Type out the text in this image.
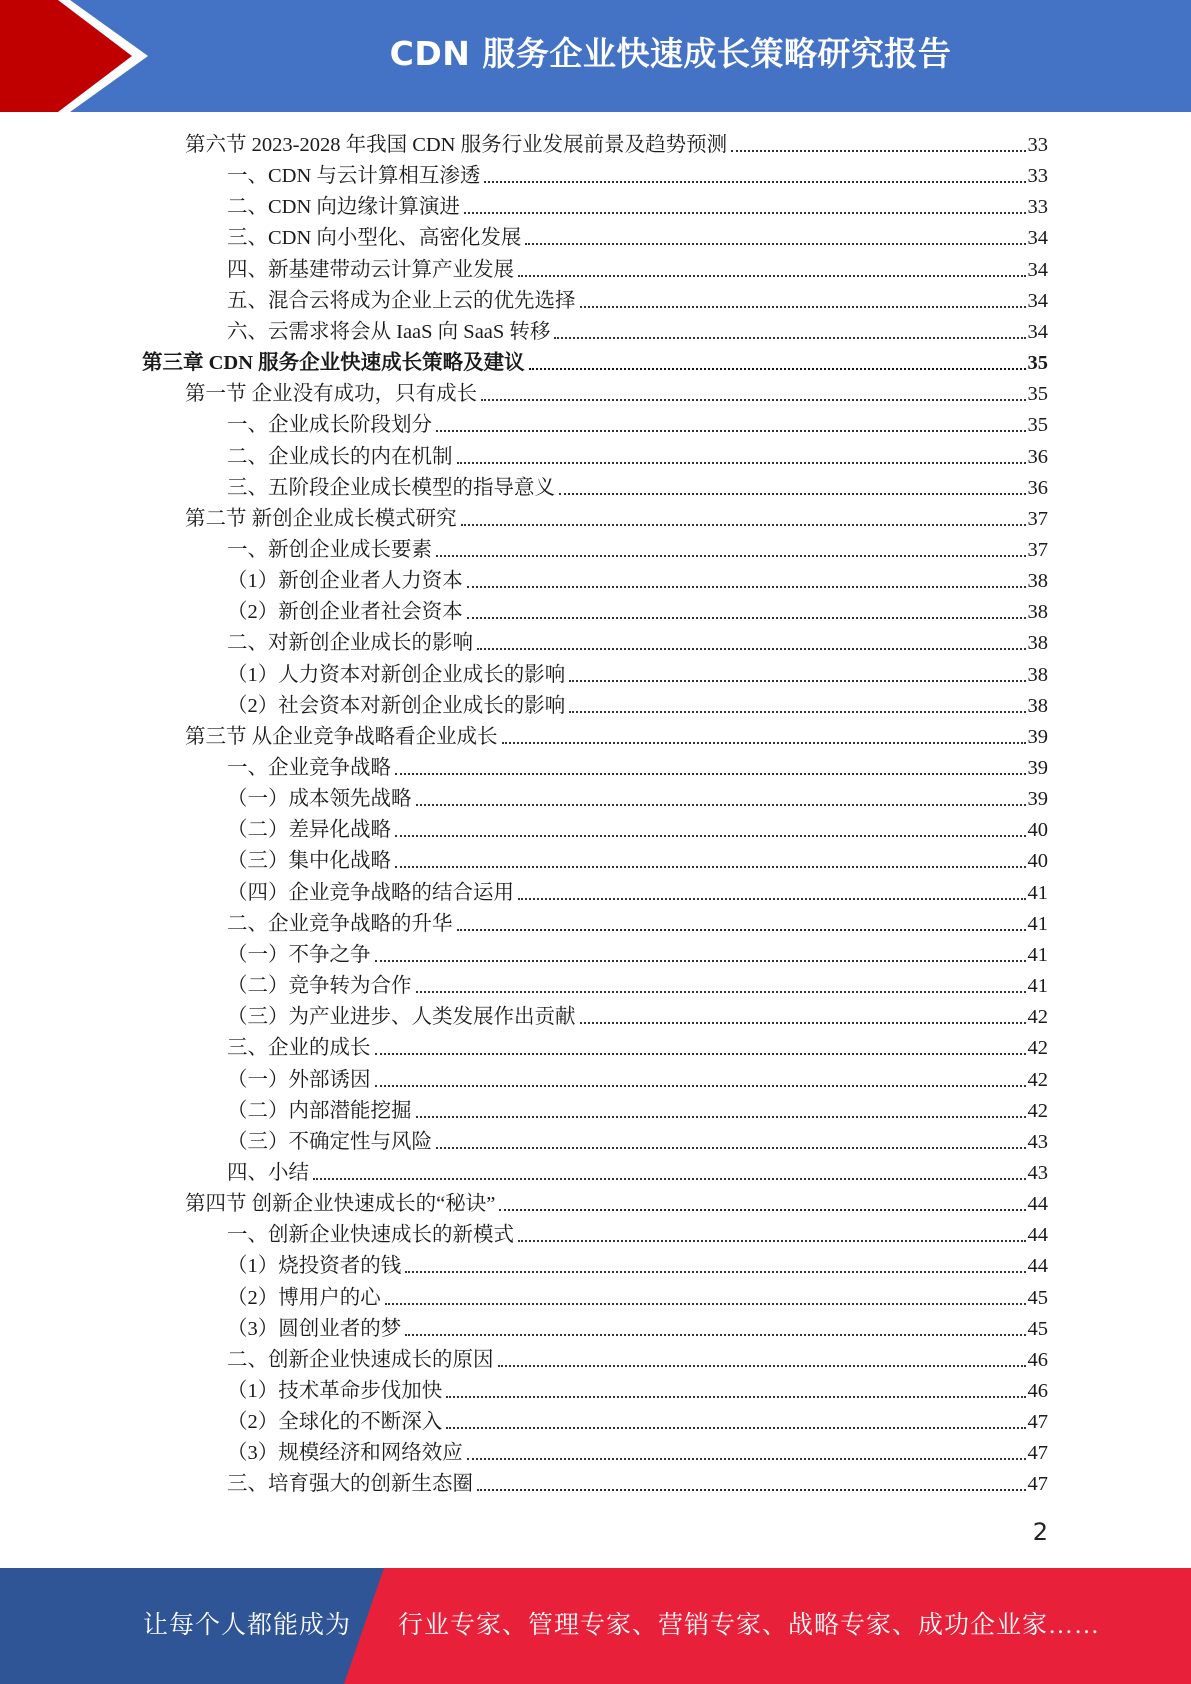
CDN 服务企业快速成长策略研究报告
第六节 2023-2028 年我国 CDN 服务行业发展前景及趋势预测	33
一、CDN 与云计算相互渗透	33
二、CDN 向边缘计算演进	33
三、CDN 向小型化、高密化发展	34
四、新基建带动云计算产业发展	34
五、混合云将成为企业上云的优先选择	34
六、云需求将会从 IaaS 向 SaaS 转移	34
第三章 CDN 服务企业快速成长策略及建议	35
第一节 企业没有成功，只有成长	35
一、企业成长阶段划分	35
二、企业成长的内在机制	36
三、五阶段企业成长模型的指导意义	36
第二节 新创企业成长模式研究	37
一、新创企业成长要素	37
（1）新创企业者人力资本	38
（2）新创企业者社会资本	38
二、对新创企业成长的影响	38
（1）人力资本对新创企业成长的影响	38
（2）社会资本对新创企业成长的影响	38
第三节 从企业竞争战略看企业成长	39
一、企业竞争战略	39
（一）成本领先战略	39
（二）差异化战略	40
（三）集中化战略	40
（四）企业竞争战略的结合运用	41
二、企业竞争战略的升华	41
（一）不争之争	41
（二）竞争转为合作	41
（三）为产业进步、人类发展作出贡献	42
三、企业的成长	42
（一）外部诱因	42
（二）内部潜能挖掘	42
（三）不确定性与风险	43
四、小结	43
第四节 创新企业快速成长的“秘诀”	44
一、创新企业快速成长的新模式	44
（1）烧投资者的钱	44
（2）博用户的心	45
（3）圆创业者的梦	45
二、创新企业快速成长的原因	46
（1）技术革命步伐加快	46
（2）全球化的不断深入	47
（3）规模经济和网络效应	47
三、培育强大的创新生态圈	47
2
让每个人都能成为 行业专家、管理专家、营销专家、战略专家、成功企业家……
